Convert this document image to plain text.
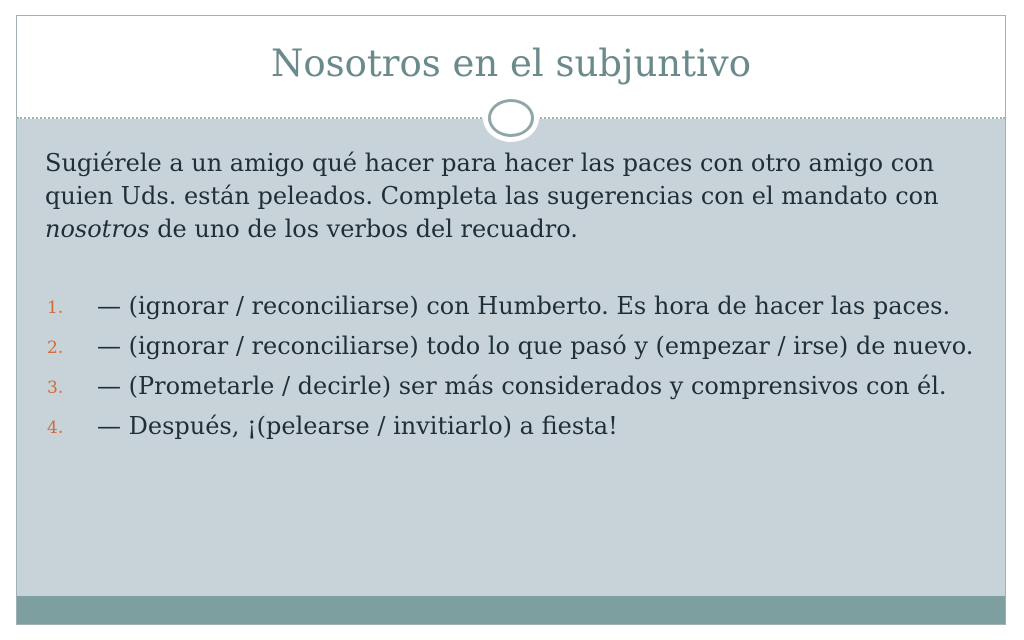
Nosotros en el subjuntivo
Sugiérele a un amigo qué hacer para hacer las paces con otro amigo con quien Uds. están peleados. Completa las sugerencias con el mandato con nosotros de uno de los verbos del recuadro.
1. — (ignorar / reconciliarse) con Humberto. Es hora de hacer las paces.
2. — (ignorar / reconciliarse) todo lo que pasó y (empezar / irse) de nuevo.
3. — (Prometarle / decirle) ser más considerados y comprensivos con él.
4. — Después, ¡(pelearse / invitiarlo) a fiesta!
